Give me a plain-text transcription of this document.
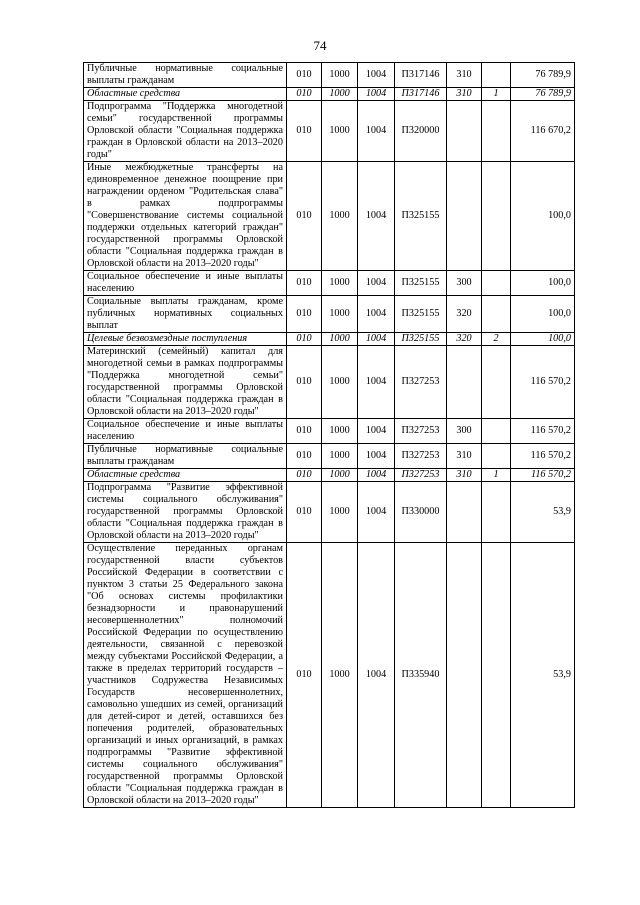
74
Публичные нормативные социальные выплаты гражданам	010	1000	1004	П317146	310		76 789,9
Областные средства	010	1000	1004	П317146	310	1	76 789,9
Подпрограмма "Поддержка многодетной семьи" государственной программы Орловской области "Социальная поддержка граждан в Орловской области на 2013–2020 годы"	010	1000	1004	П320000			116 670,2
Иные межбюджетные трансферты на единовременное денежное поощрение при награждении орденом "Родительская слава" в рамках подпрограммы "Совершенствование системы социальной поддержки отдельных категорий граждан" государственной программы Орловской области "Социальная поддержка граждан в Орловской области на 2013–2020 годы"	010	1000	1004	П325155			100,0
Социальное обеспечение и иные выплаты населению	010	1000	1004	П325155	300		100,0
Социальные выплаты гражданам, кроме публичных нормативных социальных выплат	010	1000	1004	П325155	320		100,0
Целевые безвозмездные поступления	010	1000	1004	П325155	320	2	100,0
Материнский (семейный) капитал для многодетной семьи в рамках подпрограммы "Поддержка многодетной семьи" государственной программы Орловской области "Социальная поддержка граждан в Орловской области на 2013–2020 годы"	010	1000	1004	П327253			116 570,2
Социальное обеспечение и иные выплаты населению	010	1000	1004	П327253	300		116 570,2
Публичные нормативные социальные выплаты гражданам	010	1000	1004	П327253	310		116 570,2
Областные средства	010	1000	1004	П327253	310	1	116 570,2
Подпрограмма "Развитие эффективной системы социального обслуживания" государственной программы Орловской области "Социальная поддержка граждан в Орловской области на 2013–2020 годы"	010	1000	1004	П330000			53,9
Осуществление переданных органам государственной власти субъектов Российской Федерации в соответствии с пунктом 3 статьи 25 Федерального закона "Об основах системы профилактики безнадзорности и правонарушений несовершеннолетних" полномочий Российской Федерации по осуществлению деятельности, связанной с перевозкой между субъектами Российской Федерации, а также в пределах территорий государств – участников Содружества Независимых Государств несовершеннолетних, самовольно ушедших из семей, организаций для детей-сирот и детей, оставшихся без попечения родителей, образовательных организаций и иных организаций, в рамках подпрограммы "Развитие эффективной системы социального обслуживания" государственной программы Орловской области "Социальная поддержка граждан в Орловской области на 2013–2020 годы"	010	1000	1004	П335940			53,9
